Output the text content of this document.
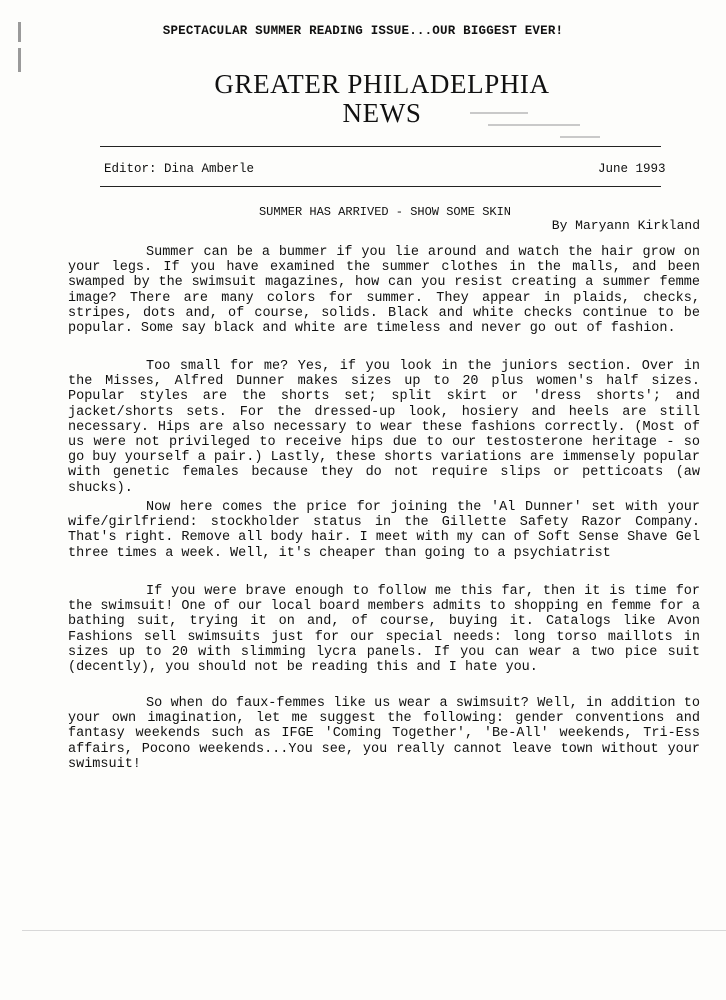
SPECTACULAR SUMMER READING ISSUE...OUR BIGGEST EVER!
GREATER PHILADELPHIA
NEWS
Editor: Dina Amberle	June 1993
SUMMER HAS ARRIVED - SHOW SOME SKIN
By Maryann Kirkland

Summer can be a bummer if you lie around and watch the hair grow on your legs. If you have examined the summer clothes in the malls, and been swamped by the swimsuit magazines, how can you resist creating a summer femme image? There are many colors for summer. They appear in plaids, checks, stripes, dots and, of course, solids. Black and white checks continue to be popular. Some say black and white are timeless and never go out of fashion.

Too small for me? Yes, if you look in the juniors section. Over in the Misses, Alfred Dunner makes sizes up to 20 plus women's half sizes. Popular styles are the shorts set; split skirt or 'dress shorts'; and jacket/shorts sets. For the dressed-up look, hosiery and heels are still necessary. Hips are also necessary to wear these fashions correctly. (Most of us were not privileged to receive hips due to our testosterone heritage - so go buy yourself a pair.) Lastly, these shorts variations are immensely popular with genetic females because they do not require slips or petticoats (aw shucks).

Now here comes the price for joining the 'Al Dunner' set with your wife/girlfriend: stockholder status in the Gillette Safety Razor Company. That's right. Remove all body hair. I meet with my can of Soft Sense Shave Gel three times a week. Well, it's cheaper than going to a psychiatrist

If you were brave enough to follow me this far, then it is time for the swimsuit! One of our local board members admits to shopping en femme for a bathing suit, trying it on and, of course, buying it. Catalogs like Avon Fashions sell swimsuits just for our special needs: long torso maillots in sizes up to 20 with slimming lycra panels. If you can wear a two pice suit (decently), you should not be reading this and I hate you.

So when do faux-femmes like us wear a swimsuit? Well, in addition to your own imagination, let me suggest the following: gender conventions and fantasy weekends such as IFGE 'Coming Together', 'Be-All' weekends, Tri-Ess affairs, Pocono weekends...You see, you really cannot leave town without your swimsuit!
